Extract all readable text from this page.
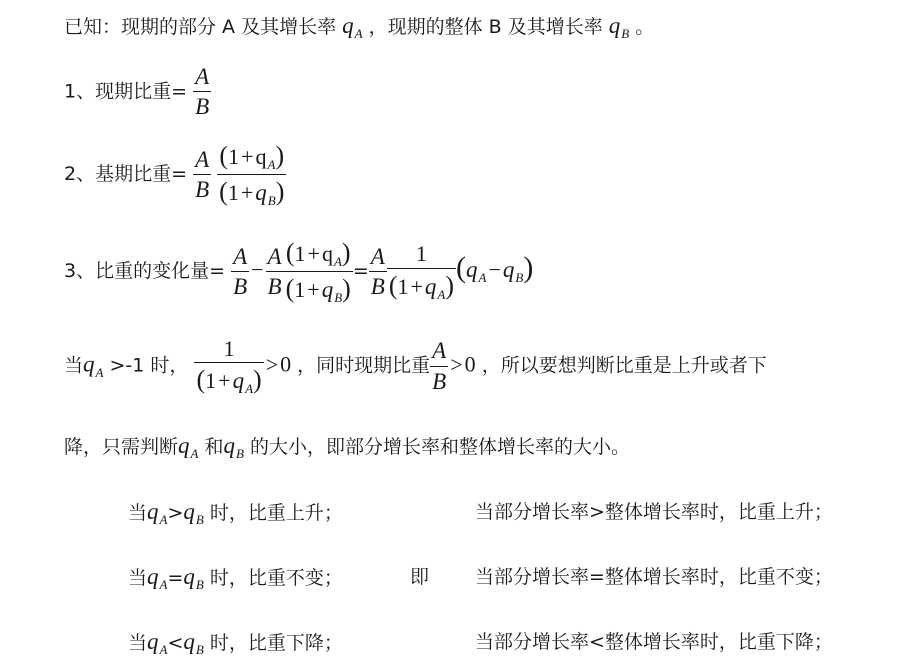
已知：现期的部分 A 及其增长率 $q_A$ ，现期的整体 B 及其增长率 $q_B$ 。
1、现期比重= $\frac{A}{B}$
2、基期比重= $\frac{A}{B}$
$\frac{(1+q_A)}{(1+q_B)}$
3、比重的变化量= $\frac{A}{B} - \frac{A}{B} \frac{(1+q_A)}{(1+q_B)} = \frac{A}{B} \frac{1}{(1+q_A)} (q_A-q_B)$
当$q_A >-1$ 时， $\frac{1}{(1+q_A)} >0$ ，同时现期比重 $\frac{A}{B} >0$ ，所以要想判断比重是上升或者下
降，只需判断$q_A$ 和$q_B$ 的大小，即部分增长率和整体增长率的大小。
当$q_A>q_B$ 时，比重上升；	当部分增长率>整体增长率时，比重上升；
当$q_A=q_B$ 时，比重不变；	即 当部分增长率=整体增长率时，比重不变；
当$q_A<q_B$ 时，比重下降；	当部分增长率<整体增长率时，比重下降；
